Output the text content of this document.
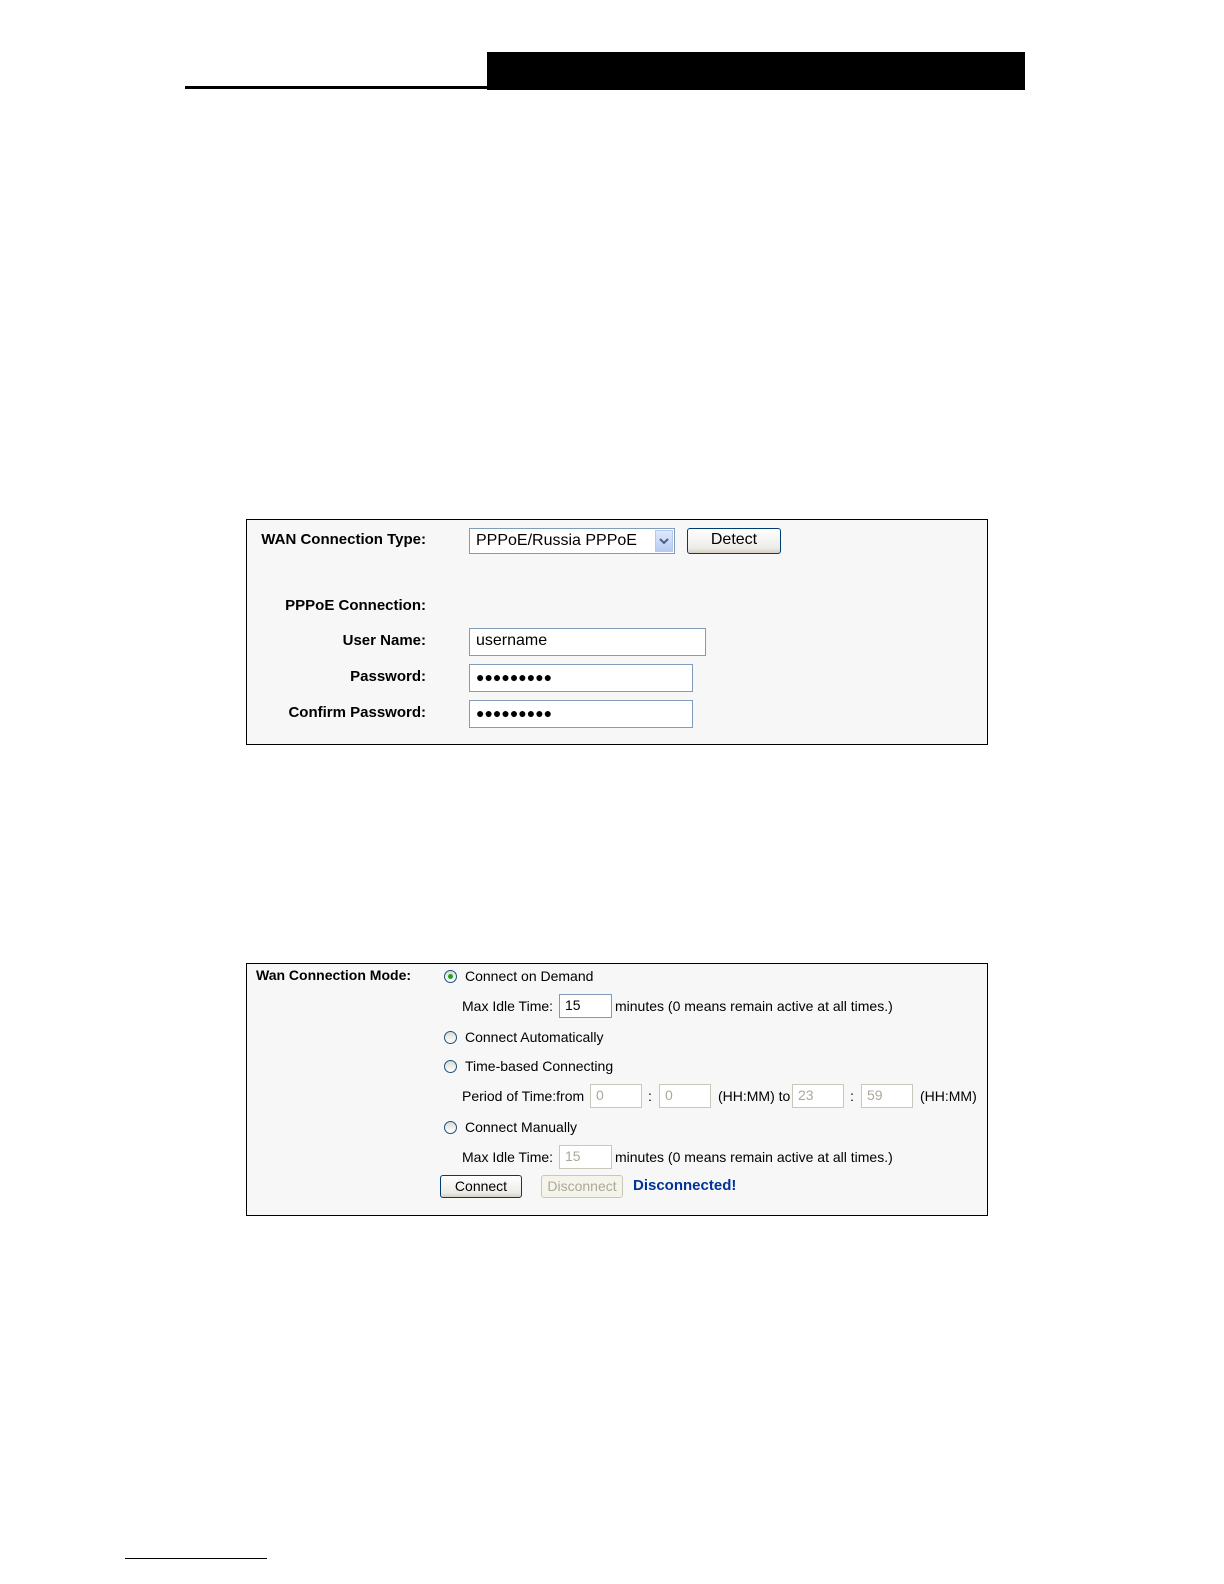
WAN Connection Type:	PPPoE/Russia PPPoE	Detect
PPPoE Connection:
User Name:	username
Password:	●●●●●●●●●
Confirm Password:	●●●●●●●●●
Wan Connection Mode:	Connect on Demand
Max Idle Time: 15	minutes (0 means remain active at all times.)
Connect Automatically
Time-based Connecting
Period of Time:from 0	: 0	(HH:MM) to 23	: 59	(HH:MM)
Connect Manually
Max Idle Time: 15	minutes (0 means remain active at all times.)
Connect	Disconnect	Disconnected!
